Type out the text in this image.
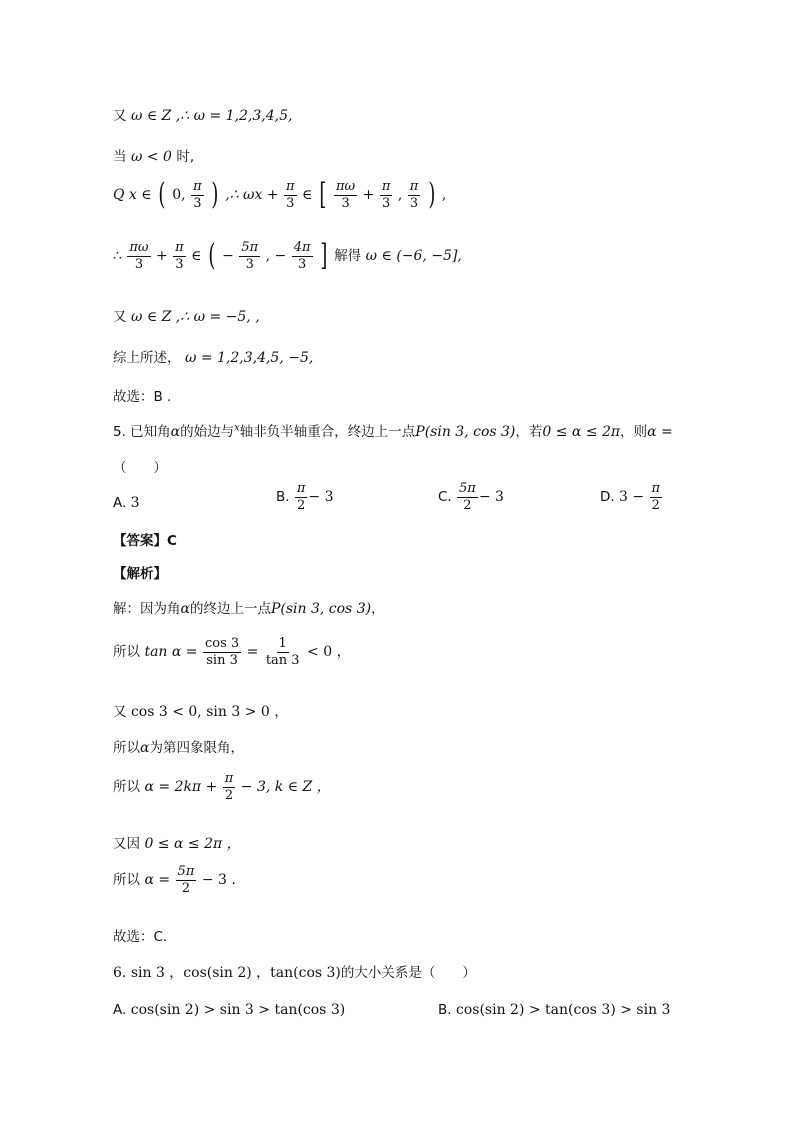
又 ω ∈ Z ,∴ ω = 1,2,3,4,5,
当 ω < 0 时,
Q x ∈ ( 0, $\frac{\pi}{3}$ ) ,∴ $\omega x + \frac{\pi}{3}$ ∈ [ $\frac{\pi\omega}{3} + \frac{\pi}{3}$ , $\frac{\pi}{3}$ ) ,
∴ $\frac{\pi\omega}{3} + \frac{\pi}{3}$ ∈ ( − $\frac{5\pi}{3}$ , − $\frac{4\pi}{3}$ ] 解得 ω ∈ (−6, −5],
又 ω ∈ Z ,∴ ω = −5, ,
综上所述， ω = 1,2,3,4,5, −5,
故选：B .
5. 已知角α的始边与$^x$轴非负半轴重合，终边上一点P(sin 3, cos 3)，若0 ≤ α ≤ 2π，则α =
（　　）
A. 3	B. $\frac{\pi}{2} - 3$	C. $\frac{5\pi}{2} - 3$	D. $3 - \frac{\pi}{2}$
【答案】C
【解析】
解：因为角α的终边上一点P(sin 3, cos 3)，
所以 $\tan \alpha = \frac{\cos 3}{\sin 3} = \frac{1}{\tan 3} < 0$ ，
又 cos 3 < 0, sin 3 > 0 ，
所以α为第四象限角，
所以 $\alpha = 2k\pi + \frac{\pi}{2} - 3$, k ∈ Z ，
又因 0 ≤ α ≤ 2π ，
所以 $\alpha = \frac{5\pi}{2} - 3$ .
故选：C.
6. sin 3 ，cos(sin 2) ，tan(cos 3)的大小关系是（　　）
A. cos(sin 2) > sin 3 > tan(cos 3)	B. cos(sin 2) > tan(cos 3) > sin 3
